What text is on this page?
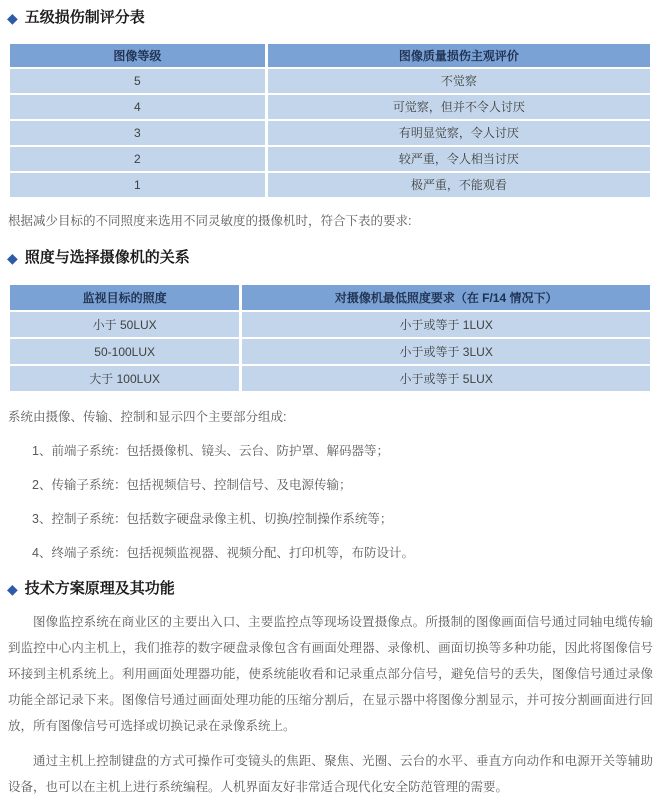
◆ 五级损伤制评分表
图像等级	图像质量损伤主观评价
5	不觉察
4	可觉察，但并不令人讨厌
3	有明显觉察，令人讨厌
2	较严重，令人相当讨厌
1	极严重，不能观看

根据减少目标的不同照度来选用不同灵敏度的摄像机时，符合下表的要求:

◆ 照度与选择摄像机的关系
监视目标的照度	对摄像机最低照度要求（在 F/14 情况下）
小于 50LUX	小于或等于 1LUX
50-100LUX	小于或等于 3LUX
大于 100LUX	小于或等于 5LUX

系统由摄像、传输、控制和显示四个主要部分组成:

1、前端子系统：包括摄像机、镜头、云台、防护罩、解码器等；

2、传输子系统：包括视频信号、控制信号、及电源传输；

3、控制子系统：包括数字硬盘录像主机、切换/控制操作系统等；

4、终端子系统：包括视频监视器、视频分配、打印机等，布防设计。

◆ 技术方案原理及其功能

图像监控系统在商业区的主要出入口、主要监控点等现场设置摄像点。所摄制的图像画面信号通过同轴电缆传输到监控中心内主机上，我们推荐的数字硬盘录像包含有画面处理器、录像机、画面切换等多种功能，因此将图像信号环接到主机系统上。利用画面处理器功能，使系统能收看和记录重点部分信号，避免信号的丢失，图像信号通过录像功能全部记录下来。图像信号通过画面处理功能的压缩分割后，在显示器中将图像分割显示，并可按分割画面进行回放，所有图像信号可选择或切换记录在录像系统上。

通过主机上控制键盘的方式可操作可变镜头的焦距、聚焦、光圈、云台的水平、垂直方向动作和电源开关等辅助设备，也可以在主机上进行系统编程。人机界面友好非常适合现代化安全防范管理的需要。
